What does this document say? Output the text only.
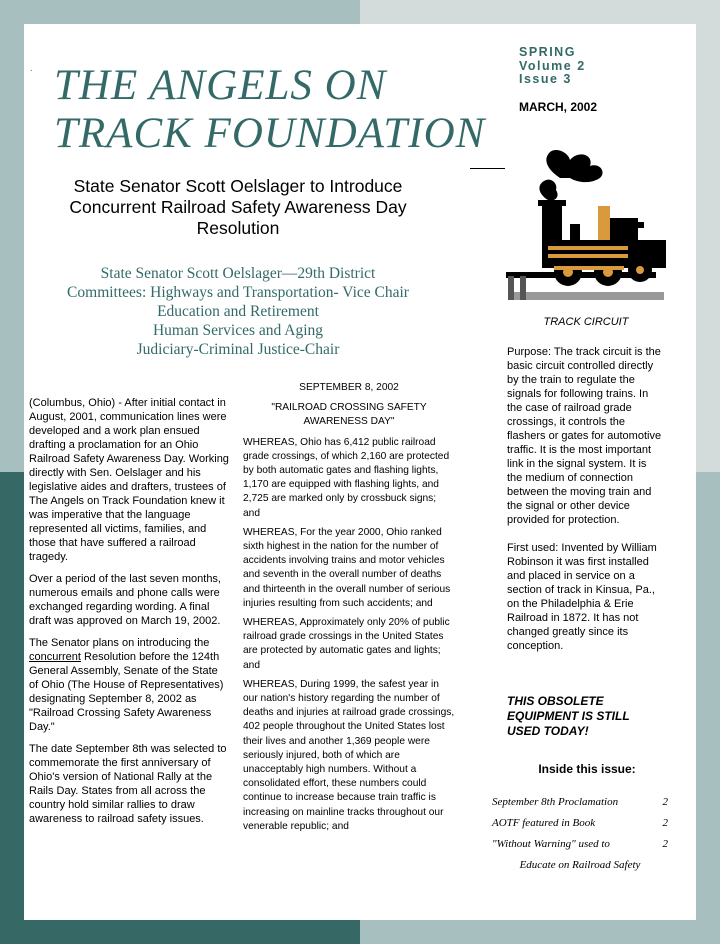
. THE ANGELS ON
TRACK FOUNDATION
SPRING
Volume 2
Issue 3
MARCH, 2002
State Senator Scott Oelslager to Introduce
Concurrent Railroad Safety Awareness Day
Resolution
State Senator Scott Oelslager—29th District
Committees: Highways and Transportation- Vice Chair
Education and Retirement
Human Services and Aging
Judiciary-Criminal Justice-Chair

(Columbus, Ohio) - After initial contact in August, 2001, communication lines were developed and a work plan ensued drafting a proclamation for an Ohio Railroad Safety Awareness Day. Working directly with Sen. Oelslager and his legislative aides and drafters, trustees of The Angels on Track Foundation knew it was imperative that the language represented all victims, families, and those that have suffered a railroad tragedy.

Over a period of the last seven months, numerous emails and phone calls were exchanged regarding wording. A final draft was approved on March 19, 2002.

The Senator plans on introducing the concurrent Resolution before the 124th General Assembly, Senate of the State of Ohio (The House of Representatives) designating September 8, 2002 as "Railroad Crossing Safety Awareness Day."

The date September 8th was selected to commemorate the first anniversary of Ohio's version of National Rally at the Rails Day. States from all across the country hold similar rallies to draw awareness to railroad safety issues.

SEPTEMBER 8, 2002

"RAILROAD CROSSING SAFETY

AWARENESS DAY"

WHEREAS, Ohio has 6,412 public railroad grade crossings, of which 2,160 are protected by both automatic gates and flashing lights, 1,170 are equipped with flashing lights, and 2,725 are marked only by crossbuck signs; and

WHEREAS, For the year 2000, Ohio ranked sixth highest in the nation for the number of accidents involving trains and motor vehicles and seventh in the overall number of deaths and thirteenth in the overall number of serious injuries resulting from such accidents; and

WHEREAS, Approximately only 20% of public railroad grade crossings in the United States are protected by automatic gates and lights; and

WHEREAS, During 1999, the safest year in our nation's history regarding the number of deaths and injuries at railroad grade crossings, 402 people throughout the United States lost their lives and another 1,369 people were seriously injured, both of which are unacceptably high numbers. Without a consolidated effort, these numbers could continue to increase because train traffic is increasing on mainline tracks throughout our venerable republic; and

TRACK CIRCUIT

Purpose: The track circuit is the basic circuit controlled directly by the train to regulate the signals for following trains. In the case of railroad grade crossings, it controls the flashers or gates for automotive traffic. It is the most important link in the signal system. It is the medium of connection between the moving train and the signal or other device provided for protection.

First used: Invented by William Robinson it was first installed and placed in service on a section of track in Kinsua, Pa., on the Philadelphia & Erie Railroad in 1872. It has not changed greatly since its conception.

THIS OBSOLETE EQUIPMENT IS STILL USED TODAY!
Inside this issue:
September 8th Proclamation	2
AOTF featured in Book	2
"Without Warning" used to	2
Educate on Railroad Safety
